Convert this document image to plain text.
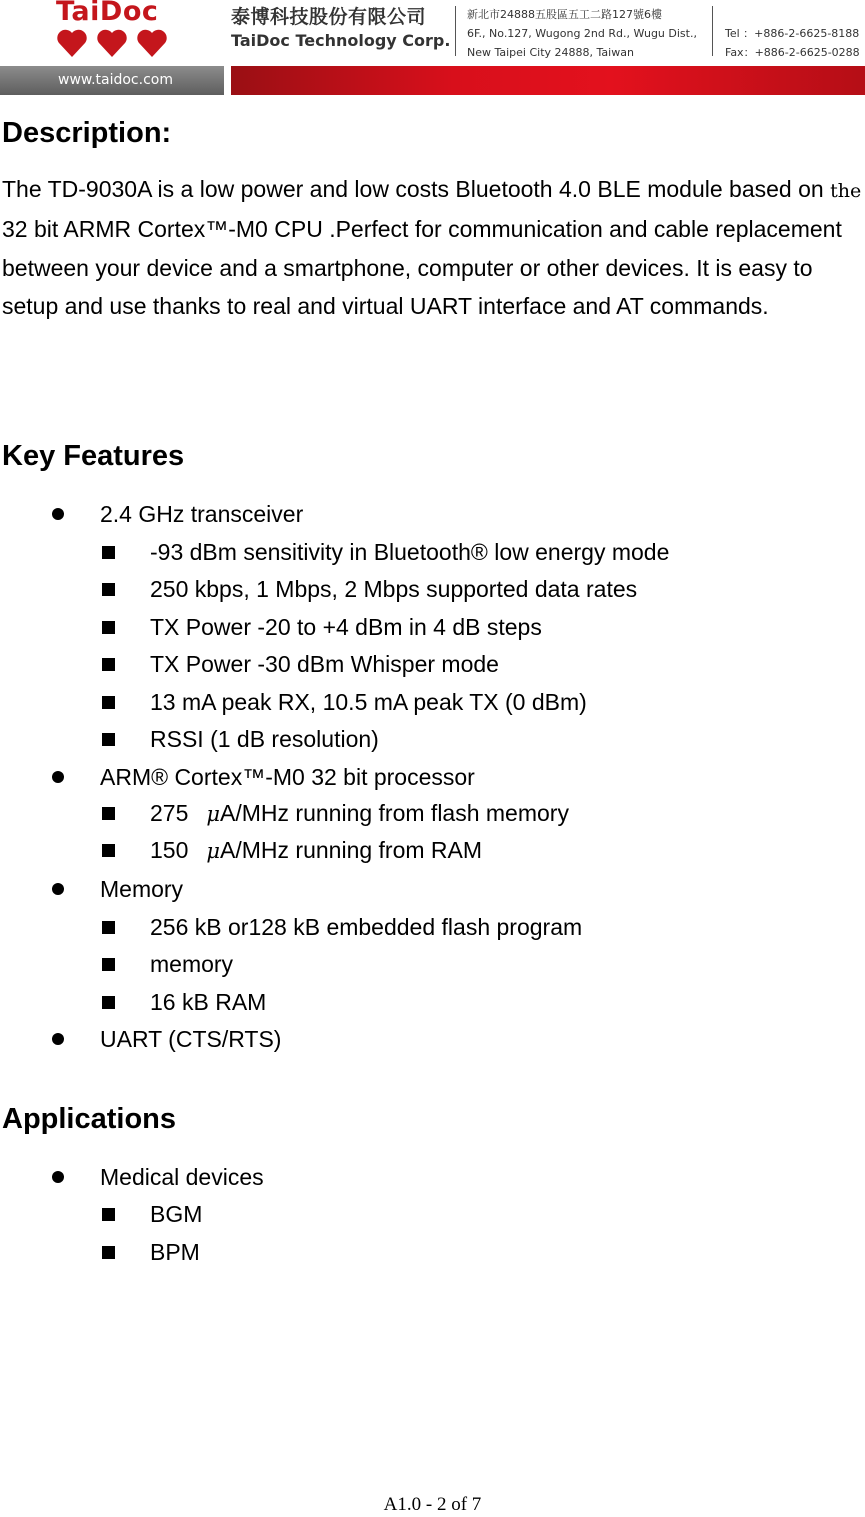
TaiDoc	泰博科技股份有限公司
TaiDoc Technology Corp.
新北市24888五股區五工二路127號6樓
6F., No.127, Wugong 2nd Rd., Wugu Dist.,
New Taipei City 24888, Taiwan
Tel ：+886-2-6625-8188
Fax：+886-2-6625-0288
www.taidoc.com
Description:

The TD-9030A is a low power and low costs Bluetooth 4.0 BLE module based on the 32 bit ARMR Cortex™-M0 CPU .Perfect for communication and cable replacement between your device and a smartphone, computer or other devices. It is easy to setup and use thanks to real and virtual UART interface and AT commands.

Key Features
2.4 GHz transceiver
-93 dBm sensitivity in Bluetooth® low energy mode
250 kbps, 1 Mbps, 2 Mbps supported data rates
TX Power -20 to +4 dBm in 4 dB steps
TX Power -30 dBm Whisper mode
13 mA peak RX, 10.5 mA peak TX (0 dBm)
RSSI (1 dB resolution)
ARM® Cortex™-M0 32 bit processor
275 μA/MHz running from flash memory
150 μA/MHz running from RAM
Memory
256 kB or128 kB embedded flash program
memory
16 kB RAM
UART (CTS/RTS)
Applications
Medical devices
BGM
BPM
A1.0 - 2 of 7
